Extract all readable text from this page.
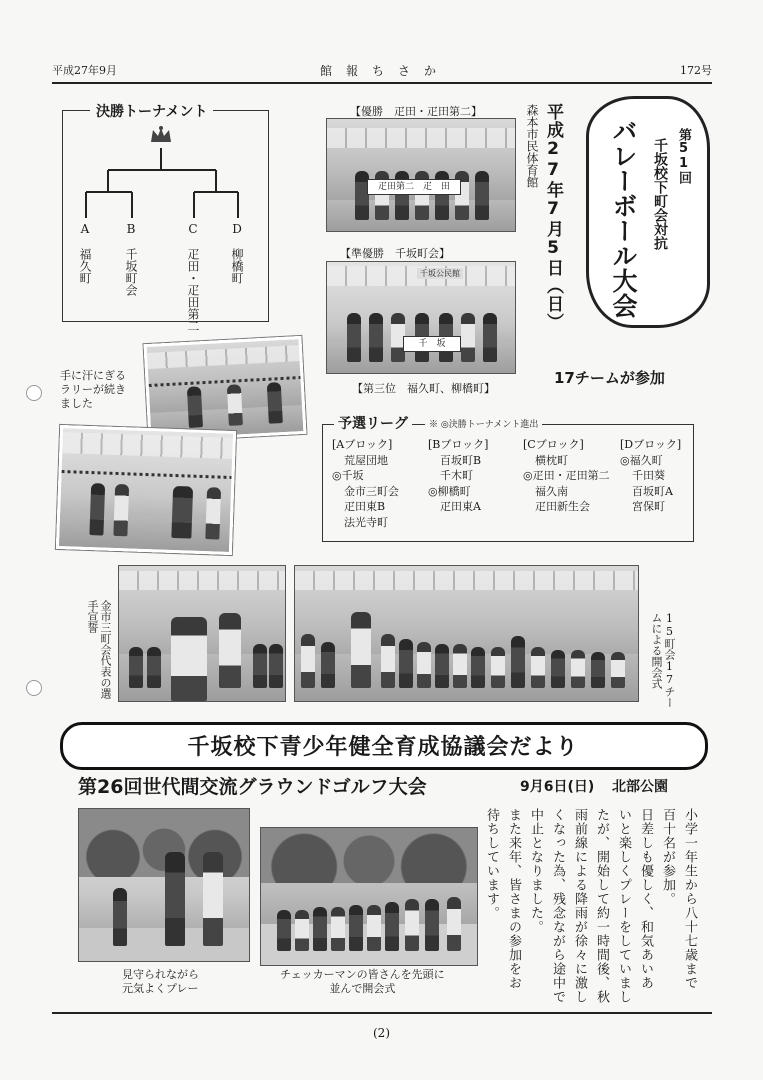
平成27年9月	館　報　ち　さ　か	172号
決勝トーナメント
A　福久町
B　千坂町会
C　疋田・疋田第二
D　柳橋町
【優勝　疋田・疋田第二】
疋田第二　疋　田	平成27年7月5日（日）
森本市民体育館	第51回
千坂校下町会対抗
バレーボール大会
【準優勝　千坂町会】
千坂公民館
千　坂
【第三位　福久町、柳橋町】
17チームが参加
手に汗にぎる
ラリーが続き
ました
予選リーグ	※ ◎決勝トーナメント進出
[Aブロック]
荒屋団地
◎千坂
金市三町会
疋田東B
法光寺町
[Bブロック]
百坂町B
千木町
◎柳橋町
疋田東A
[Cブロック]
横枕町
◎疋田・疋田第二
福久南
疋田新生会
[Dブロック]
◎福久町
千田葵
百坂町A
宮保町
金市三町会代表の選手宣誓	15町会17チームによる開会式
千坂校下青少年健全育成協議会だより
第26回世代間交流グラウンドゴルフ大会	9月6日(日) 北部公園
見守られながら
元気よくプレー
チェッカーマンの皆さんを先頭に
並んで開会式	小学一年生から八十七歳まで
百十名が参加。
日差しも優しく、和気あいあ
いと楽しくプレーをしていまし
たが、開始して約一時間後、秋
雨前線による降雨が徐々に激し
くなった為、残念ながら途中で
中止となりました。
また来年、皆さまの参加をお
待ちしています。
(2)
